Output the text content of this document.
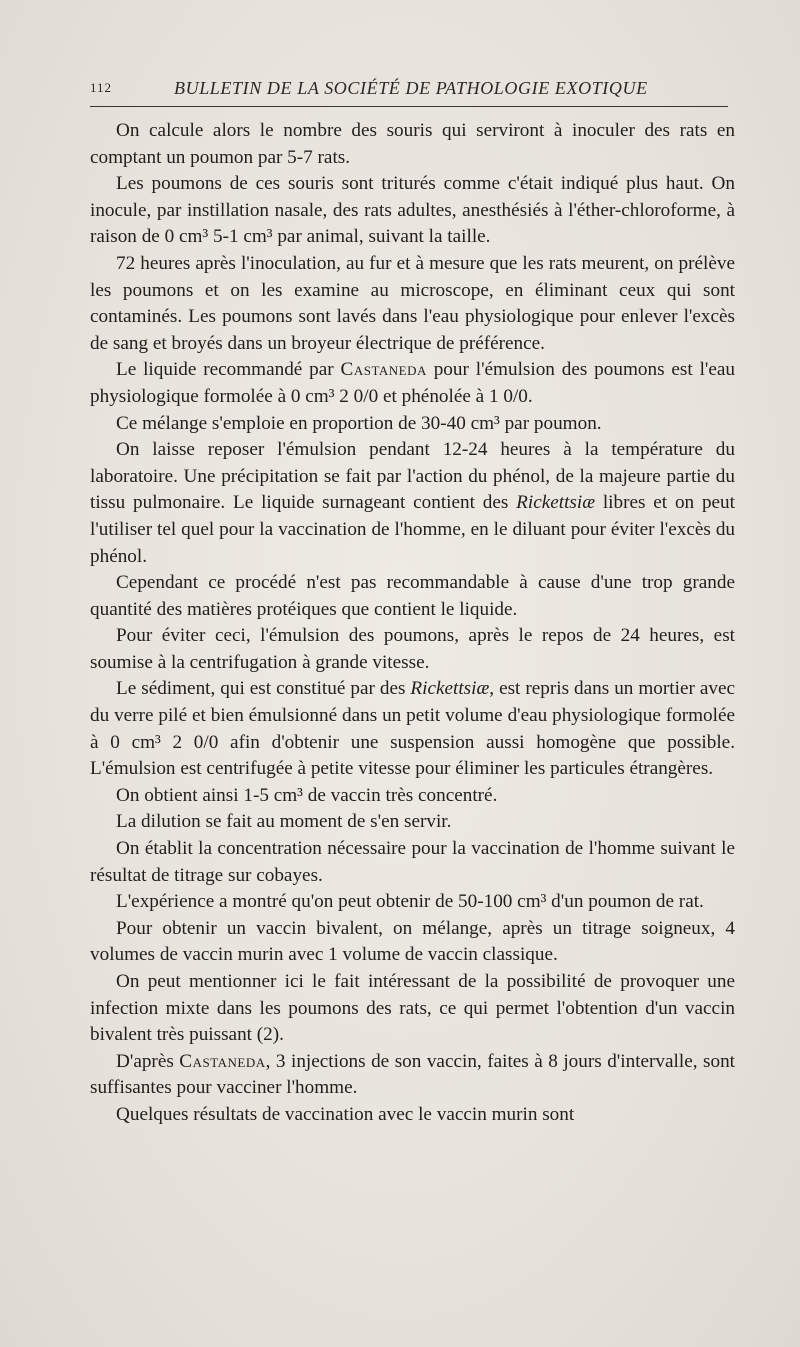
112	BULLETIN DE LA SOCIÉTÉ DE PATHOLOGIE EXOTIQUE

On calcule alors le nombre des souris qui serviront à inoculer des rats en comptant un poumon par 5-7 rats.

Les poumons de ces souris sont triturés comme c'était indiqué plus haut. On inocule, par instillation nasale, des rats adultes, anesthésiés à l'éther-chloroforme, à raison de 0 cm³ 5-1 cm³ par animal, suivant la taille.

72 heures après l'inoculation, au fur et à mesure que les rats meurent, on prélève les poumons et on les examine au microscope, en éliminant ceux qui sont contaminés. Les poumons sont lavés dans l'eau physiologique pour enlever l'excès de sang et broyés dans un broyeur électrique de préférence.

Le liquide recommandé par Castaneda pour l'émulsion des poumons est l'eau physiologique formolée à 0 cm³ 2 0/0 et phénolée à 1 0/0.

Ce mélange s'emploie en proportion de 30-40 cm³ par poumon.

On laisse reposer l'émulsion pendant 12-24 heures à la température du laboratoire. Une précipitation se fait par l'action du phénol, de la majeure partie du tissu pulmonaire. Le liquide surnageant contient des Rickettsiæ libres et on peut l'utiliser tel quel pour la vaccination de l'homme, en le diluant pour éviter l'excès du phénol.

Cependant ce procédé n'est pas recommandable à cause d'une trop grande quantité des matières protéiques que contient le liquide.

Pour éviter ceci, l'émulsion des poumons, après le repos de 24 heures, est soumise à la centrifugation à grande vitesse.

Le sédiment, qui est constitué par des Rickettsiæ, est repris dans un mortier avec du verre pilé et bien émulsionné dans un petit volume d'eau physiologique formolée à 0 cm³ 2 0/0 afin d'obtenir une suspension aussi homogène que possible. L'émulsion est centrifugée à petite vitesse pour éliminer les particules étrangères.

On obtient ainsi 1-5 cm³ de vaccin très concentré.

La dilution se fait au moment de s'en servir.

On établit la concentration nécessaire pour la vaccination de l'homme suivant le résultat de titrage sur cobayes.

L'expérience a montré qu'on peut obtenir de 50-100 cm³ d'un poumon de rat.

Pour obtenir un vaccin bivalent, on mélange, après un titrage soigneux, 4 volumes de vaccin murin avec 1 volume de vaccin classique.

On peut mentionner ici le fait intéressant de la possibilité de provoquer une infection mixte dans les poumons des rats, ce qui permet l'obtention d'un vaccin bivalent très puissant (2).

D'après Castaneda, 3 injections de son vaccin, faites à 8 jours d'intervalle, sont suffisantes pour vacciner l'homme.

Quelques résultats de vaccination avec le vaccin murin sont
